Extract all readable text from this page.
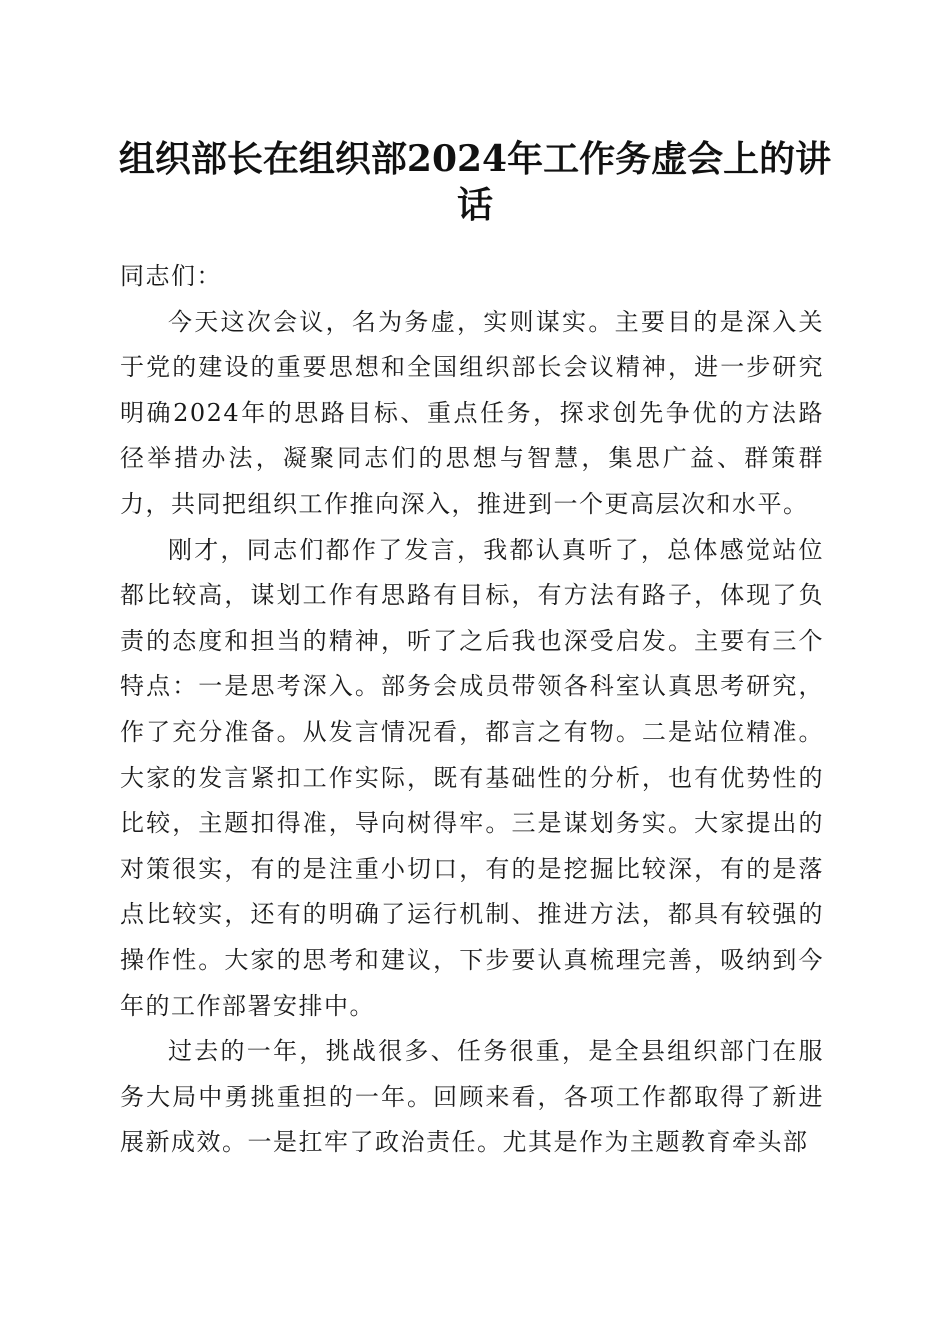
组织部长在组织部2024年工作务虚会上的讲话

同志们：

今天这次会议，名为务虚，实则谋实。主要目的是深入关于党的建设的重要思想和全国组织部长会议精神，进一步研究明确2024年的思路目标、重点任务，探求创先争优的方法路径举措办法，凝聚同志们的思想与智慧，集思广益、群策群力，共同把组织工作推向深入，推进到一个更高层次和水平。

刚才，同志们都作了发言，我都认真听了，总体感觉站位都比较高，谋划工作有思路有目标，有方法有路子，体现了负责的态度和担当的精神，听了之后我也深受启发。主要有三个特点：一是思考深入。部务会成员带领各科室认真思考研究，作了充分准备。从发言情况看，都言之有物。二是站位精准。大家的发言紧扣工作实际，既有基础性的分析，也有优势性的比较，主题扣得准，导向树得牢。三是谋划务实。大家提出的对策很实，有的是注重小切口，有的是挖掘比较深，有的是落点比较实，还有的明确了运行机制、推进方法，都具有较强的操作性。大家的思考和建议，下步要认真梳理完善，吸纳到今年的工作部署安排中。

过去的一年，挑战很多、任务很重，是全县组织部门在服务大局中勇挑重担的一年。回顾来看，各项工作都取得了新进展新成效。一是扛牢了政治责任。尤其是作为主题教育牵头部
